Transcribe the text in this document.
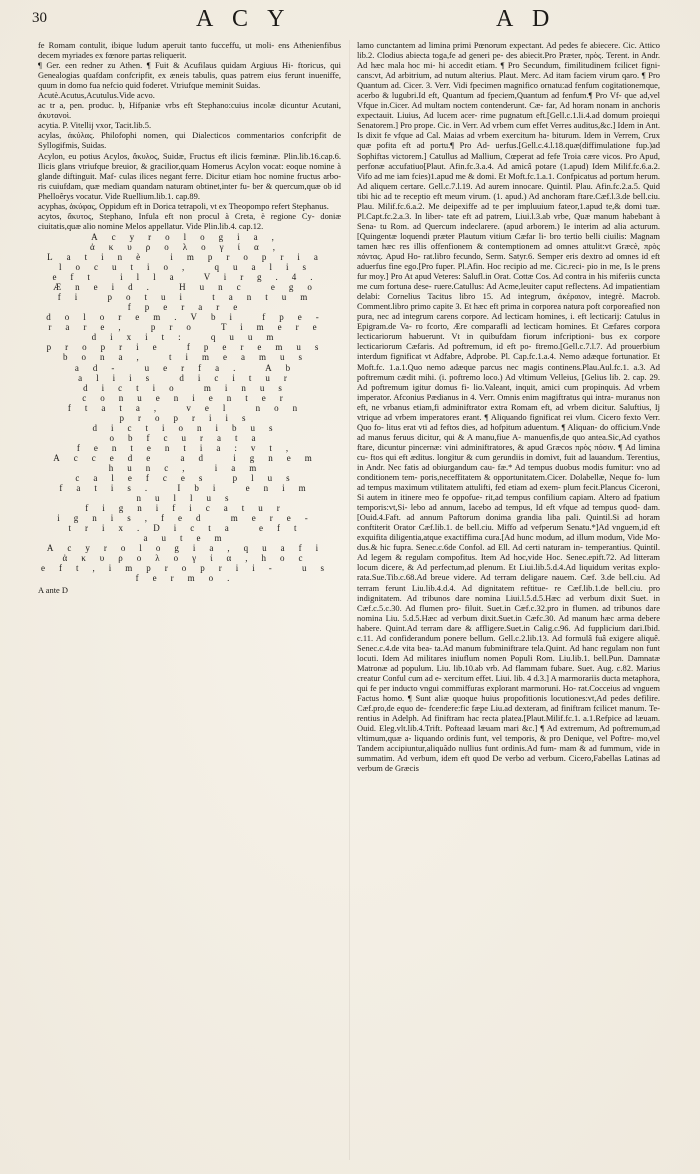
30	A C Y	A D

fe Romam contulit, ibique ludum aperuit tanto fucceffu, ut moli- ens Athenienfibus decem myriades ex fœnore partas reliquerit.

¶ Ger. een redner zu Athen. ¶ Fuit & Acufilaus quidam Argiuus Hi- ftoricus, qui Genealogias quafdam confcripfit, ex æneis tabulis, quas patrem eius ferunt inueniffe, quum in domo fua nefcio quid foderet. Vtriufque meminit Suidas.

Acutè.Acutus,Acutulus.Vide acvo.

ac tr a, pen. produc. ḥ, Hifpaniæ vrbs eft Stephano:cuius incolæ dicuntur Acutani, ἀκυτανοὶ.

acytia. P. Vitellij vxor, Tacit.lib.5.

acylas, ἀκύλας. Philofophi nomen, qui Dialecticos commentarios confcripfit de Syllogifmis, Suidas.

Acylon, eu potius Acylos, ἄκυλος, Suidæ, Fructus eft ilicis fœminæ. Plin.lib.16.cap.6. Ilicis glans vtriufque breuior, & gracilior,quam Homerus Acylon vocat: eoque nomine à glande diftinguit. Maf- culas ilices negant ferre. Dicitur etiam hoc nomine fructus arbo- ris cuiufdam, quæ mediam quandam naturam obtinet,inter fu- ber & quercum,quæ ob id Phelloêrys vocatur. Vide Ruellium.lib.1. cap.89.

acyphas, ἀκύφας, Oppidum eft in Dorica tetrapoli, vt ex Theopompo refert Stephanus.

acytos, ἄκυτος, Stephano, Infula eft non procul à Creta, è regione Cy- doniæ ciuitatis,quæ alio nomine Melos appellatur. Vide Plin.lib.4. cap.12.

Acyrologia, ἀκυρολογία, Latinè impropria locutio, qualis eft illa Virg.4. Æneid. Hunc ego fi potui tantum fperare dolorem.Vbi fpe- rare, pro Timere dixit: quum proprie fperemus bona, timeamus ad- uerfa. Ab aliis dicitur dictio minus conuenienter ftata, vel non propriis dictionibus obfcurata fententia:vt, Accede ad ignem hunc, iam calefces plus fatis. Ibi enim nullus fignificatur ignis,fed mere- trix.Dicta eft autem Acyrologia,quafi ἀκυρολογία,hoc eft,improprii- us fermo.

A ante D

lamo cunctantem ad limina primi Pœnorum expectant. Ad pedes fe abiecere. Cic. Attico lib.2. Clodius abiecta toga,fe ad generi pe- des abiecit.Pro Præter, πρὸς. Terent. in Andr. Ad hæc mala hoc mi- hi accedit etiam. ¶ Pro Secundum, fimilitudinem fcilicet figni- cans:vt, Ad arbitrium, ad nutum alterius. Plaut. Merc. Ad itam faciem virum qaro. ¶ Pro Quantum ad. Cicer. 3. Verr. Vidi fpecimen magnifico ornatu:ad fenfum cogitationemque, acerbo & lugubri.Id eft, Quantum ad fpeciem,Quantum ad fenfum.¶ Pro Vf- que ad,vel Vfque in.Cicer. Ad multam noctem contenderunt. Cæ- far, Ad horam nonam in anchoris expectauit. Liuius, Ad lucem acer- rime pugnatum eft.[Gell.c.1.li.4.ad domum proiequi Senatorem.] Pro prope. Cic. in Verr. Ad vrbem cum effet Verres auditus,&c.] Idem in Ant. Is dixit fe vfque ad Cal. Maias ad vrbem exercitum ha- biturum. Idem in Verrem, Crux quæ pofita eft ad portu.¶ Pro Ad- uerfus.[Gell.c.4.l.18.quæ(diffimulatione fup.)ad Sophiftas victorem.] Catullus ad Mallium, Cœperat ad fefe Troia cære vicos. Pro Apud, perfonæ accufatiuo[Plaut. Afin.fc.3.a.4. Ad amicâ potare (1.apud) Idem Milif.fc.6.a.2. Vifo ad me iam fcies)1.apud me & domi. Et Moft.fc.1.a.1. Confpicatus ad portum herum. Ad aliquem certare. Gell.c.7.l.19. Ad aurem innocare. Quintil. Plau. Afin.fc.2.a.5. Quid tibi hic ad te receptio eft meum virum. (1. apud.) Ad anchoram ftare.Cæf.l.3.de bell.ciu. Plau. Milif.fc.6.a.2. Me deipexiffe ad te per impluuium fateor,1.apud te,& domi tuæ. Pl.Capt.fc.2.a.3. In liber- tate eft ad patrem, Liui.l.3.ab vrbe, Quæ manum habebant à Sena- tu Rom. ad Quercum indeclarere. (apud arborem.) Ie interim ad alia acturum. [Quingentæ loquendi præter Plautum vitium Cæfar li- bro tertio belli ciuilis: Magnam tamen hæc res illis offenfionem & contemptionem ad omnes attulit:vt Græcè, πρὸς πάντας. Apud Ho- rat.libro fecundo, Serm. Satyr.6. Semper eris dextro ad omnes id eft aduerfus fine ego.[Pro fuper. Pl.Afin. Hoc recipio ad me. Cic.reci- pio in me, Is le prens fur moy.] Pro At apud Veteres: Salufl.in Orat. Cottæ Cos. Ad contra in his miferiis cuncta me cum fortuna dese- ruere.Catullus: Ad Acme,leuiter caput reflectens. Ad impatientiam delabi: Cornelius Tacitus libro 15. Ad integrum, ἀκέραιον, integrè. Macrob. Comment.libro primo capite 3. Et hæc eft prima in corporea natura poft corporeafied non pura, nec ad integrum carens corpore. Ad lecticam homines, i. eft lecticarij: Catulus in Epigram.de Va- ro fcorto, Ære comparafli ad lecticam homines. Et Cæfares corpora lecticariorum habuerunt. Vt in quibufdam fiorum infcriptioni- bus ex corpore lecticariorum Cæfaris. Ad poftremum, id eft po- ftremo.[Gell.c.7.l.7. Ad prouerbium interdum fignificat vt Adfabre, Adprobe. Pl. Cap.fc.1.a.4. Nemo adæque fortunatior. Et Moft.fc. 1.a.1.Quo nemo adæque parcus nec magis continens.Plau.Aul.fc.1. a.3. Ad poftremum cædit mihi. (i. poftremo loco.) Ad vltimum Velleius, [Gelius lib. 2. cap. 29. Ad poftremum igitur domus fi- lio.Valeant, inquit, amici cum propinquis. Ad vrbem imperator. Afconius Pædianus in 4. Verr. Omnis enim magiftratus qui intra- muranus non eft, ne vrbanus etiam,fi adminiftrator extra Romam eft, ad vrbem dicitur. Saluftius, Ij vtrique ad vrbem imperatores erant. ¶ Aliquando fignificat rei vlum. Cicero fexto Verr. Quo fo- litus erat vti ad feftos dies, ad hofpitum aduentum. ¶ Aliquan- do officium.Vnde ad manus feruus dicitur, qui & A manu,fiue A- manuenfis,de quo antea.Sic,Ad cyathos ftare, dicuntur pincernæ: vini adminiftratores, & apud Græcos πρὸς πόσιν. ¶ Ad limina cu- ftos qui eft æditus. longitur & cum gerundiis in domivt, fuit ad lauandum. Terentius, in Andr. Nec fatis ad obiurgandum cau- fæ.* Ad tempus duobus modis fumitur: vno ad conditionem tem- poris,neceffitatem & opportunitatem.Cicer. Dolabellæ, Neque fo- lum ad tempus maximum vtilitatem attulifti, fed etiam ad exem- plum fecit.Plancus Ciceroni, Si autem in itinere meo fe oppofue- rit,ad tempus confilium capiam. Altero ad fpatium temporis:vt,Si- lebo ad annum, Iacebo ad tempus, Id eft vfque ad tempus quod- dam.[Ouid.4.Faft. ad annum Paftorum donima grandia liba pali. Quintil.Si ad horam conftiterit Orator Cæf.lib.1. de bell.ciu. Miffo ad vefperum Senatu.*]Ad vnguem,id eft exquifita diligentia,atque exactiffima cura.[Ad hunc modum, ad illum modum, Vide Mo- dus.& hic fupra. Senec.c.6de Confol. ad Ell. Ad certi naturam in- temperantius. Quintil. Ad legem & regulam compofitus. Item Ad hoc,vide Hoc. Senec.epift.72. Ad litteram locum dicere, & Ad perfectum,ad plenum. Et Liui.lib.5.d.4.Ad liquidum veritas explo- rata.Sue.Tib.c.68.Ad breue videre. Ad terram deligare nauem. Cæf. 3.de bell.ciu. Ad terram ferunt Liu.lib.4.d.4. Ad dignitatem reftitue- re Cæf.lib.1.de bell.ciu. pro indignitatem. Ad tribunos dare nomina Liui.l.5.d.5.Hæc ad verbum dixit Suet. in Cæf.c.5.c.30. Ad flumen pro- filuit. Suet.in Cæf.c.32.pro in flumen. ad tribunos dare nomina Liu. 5.d.5.Hæc ad verbum dixit.Suet.in Cæfc.30. Ad manum hæc arma debere habere. Quint.Ad terram dare & affligere.Suet.in Calig.c.96. Ad fupplicium dari.Ibid. c.11. Ad confiderandum ponere bellum. Gell.c.2.lib.13. Ad formulâ fuâ exigere aliquê. Senec.c.4.de vita bea- ta.Ad manum fubminiftrare tela.Quint. Ad hanc regulam non funt locuti. Idem Ad militares iniuflum nomen Populi Rom. Liu.lib.1. bell.Pun. Damnatæ Matronæ ad populum. Liu. lib.10.ab vrb. Ad flammam fubare. Suet. Aug. c.82. Marius creatur Conful cum ad e- xercitum effet. Liui. lib. 4 d.3.] A marmorariis ducta metaphora, qui fe per inducto vngui commiffuras explorant marmoruni. Ho- rat.Cocceius ad vnguem Factus homo. ¶ Sunt aliæ quoque huius propofitionis locutiones:vt,Ad pedes defilire. Cæf.pro,de equo de- fcendere:fic fæpe Liu.ad dexteram, ad finiftram fcilicet manum. Te- rentius in Adelph. Ad finiftram hac recta platea.[Plaut.Milif.fc.1. a.1.Refpice ad læuam. Ouid. Eleg.vlt.lib.4.Trift. Pofteaad læuam mari &c.] ¶ Ad extremum, Ad poftremum,ad vltimum,quæ a- liquando ordinis funt, vel temporis, & pro Denique, vel Poftre- mo,vel Tandem accipiuntur,aliquãdo nullius funt ordinis.Ad fum- mam & ad fummum, vide in summatim. Ad verbum, idem eft quod De verbo ad verbum. Cicero,Fabellas Latinas ad verbum de Græcis
